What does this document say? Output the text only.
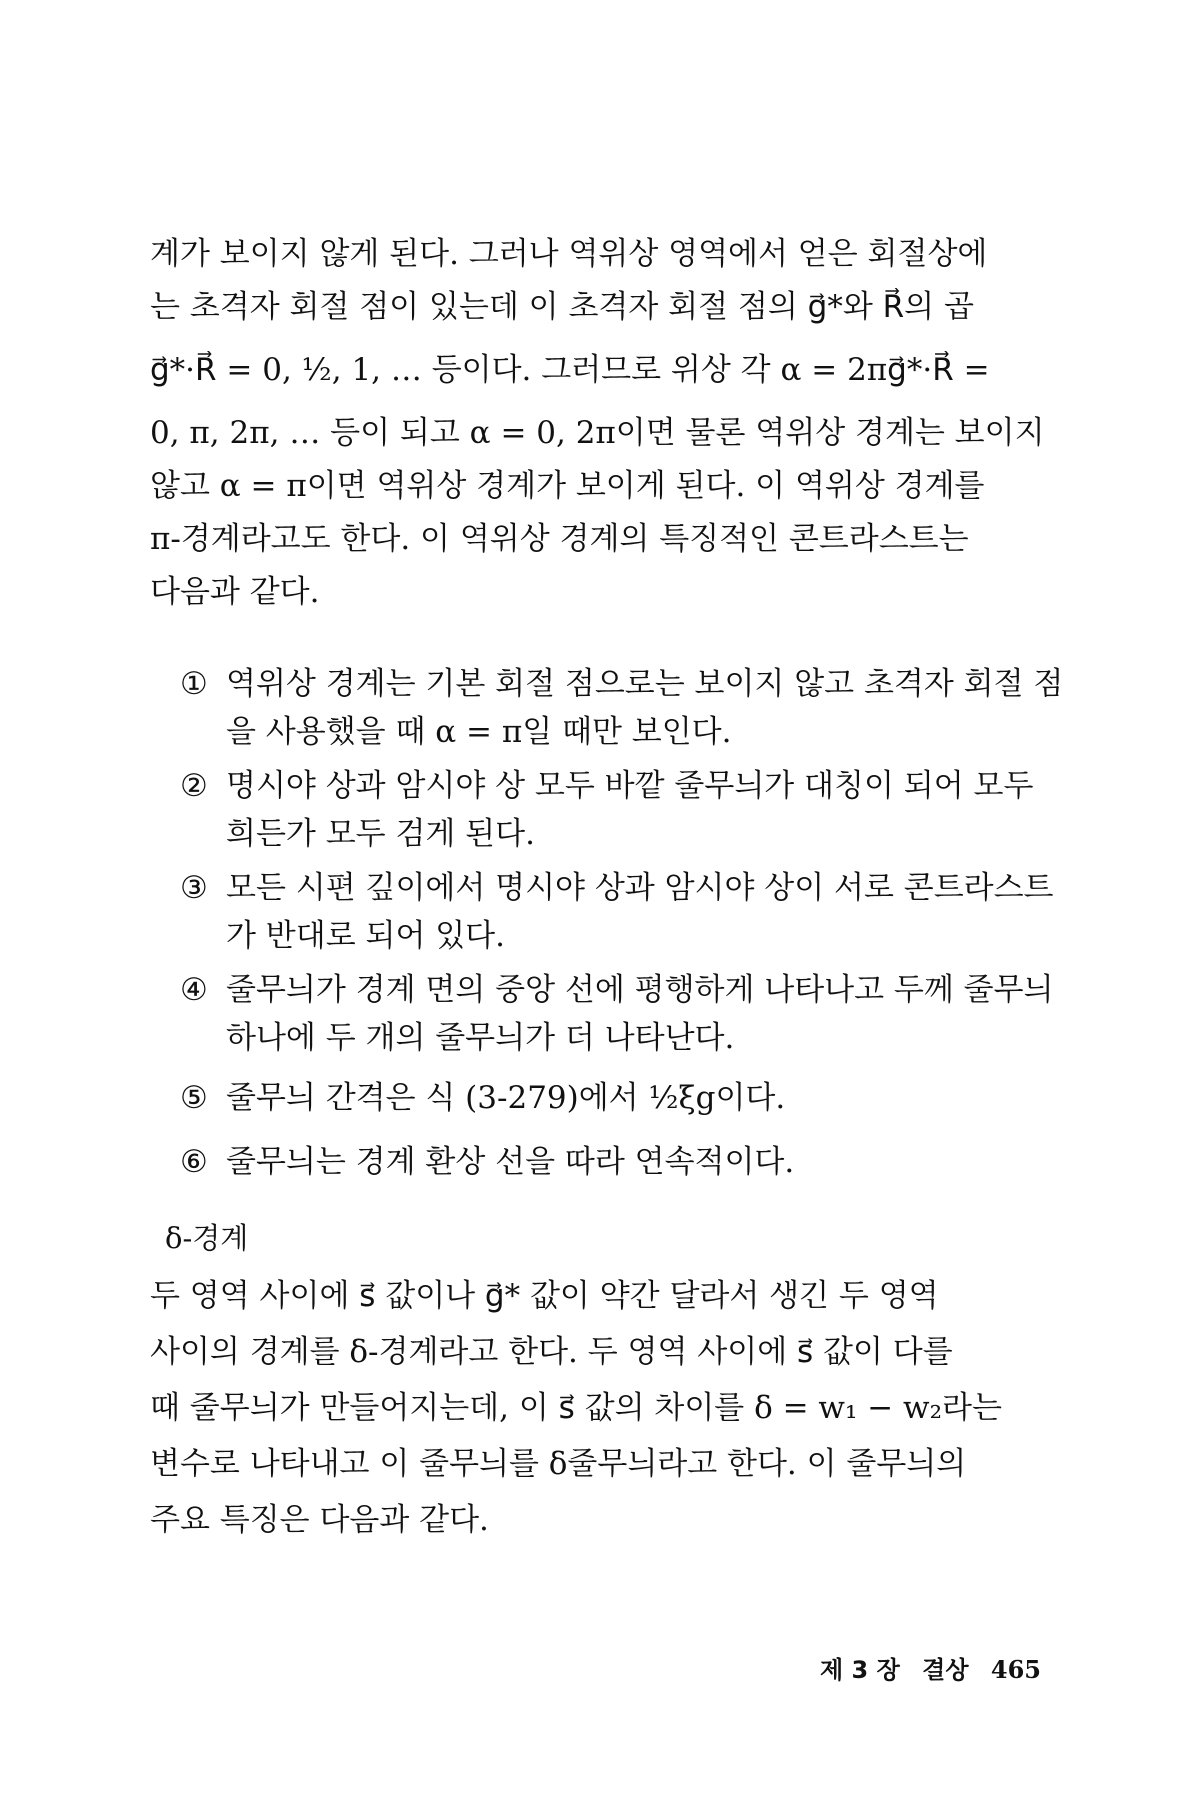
계가 보이지 않게 된다. 그러나 역위상 영역에서 얻은 회절상에
는 초격자 회절 점이 있는데 이 초격자 회절 점의 g⃗*와 R⃗의 곱
g⃗*·R⃗ = 0, ½, 1, … 등이다. 그러므로 위상 각 α = 2πg⃗*·R⃗ =
0, π, 2π, … 등이 되고 α = 0, 2π이면 물론 역위상 경계는 보이지
않고 α = π이면 역위상 경계가 보이게 된다. 이 역위상 경계를
π-경계라고도 한다. 이 역위상 경계의 특징적인 콘트라스트는
다음과 같다.
① 역위상 경계는 기본 회절 점으로는 보이지 않고 초격자 회절 점
을 사용했을 때 α = π일 때만 보인다.
② 명시야 상과 암시야 상 모두 바깥 줄무늬가 대칭이 되어 모두
희든가 모두 검게 된다.
③ 모든 시편 깊이에서 명시야 상과 암시야 상이 서로 콘트라스트
가 반대로 되어 있다.
④ 줄무늬가 경계 면의 중앙 선에 평행하게 나타나고 두께 줄무늬
하나에 두 개의 줄무늬가 더 나타난다.
⑤ 줄무늬 간격은 식 (3-279)에서 ½ξg이다.
⑥ 줄무늬는 경계 환상 선을 따라 연속적이다.
δ-경계
두 영역 사이에 s⃗ 값이나 g⃗* 값이 약간 달라서 생긴 두 영역
사이의 경계를 δ-경계라고 한다. 두 영역 사이에 s⃗ 값이 다를
때 줄무늬가 만들어지는데, 이 s⃗ 값의 차이를 δ = w₁ − w₂라는
변수로 나타내고 이 줄무늬를 δ줄무늬라고 한다. 이 줄무늬의
주요 특징은 다음과 같다.
제 3 장 결상 465
